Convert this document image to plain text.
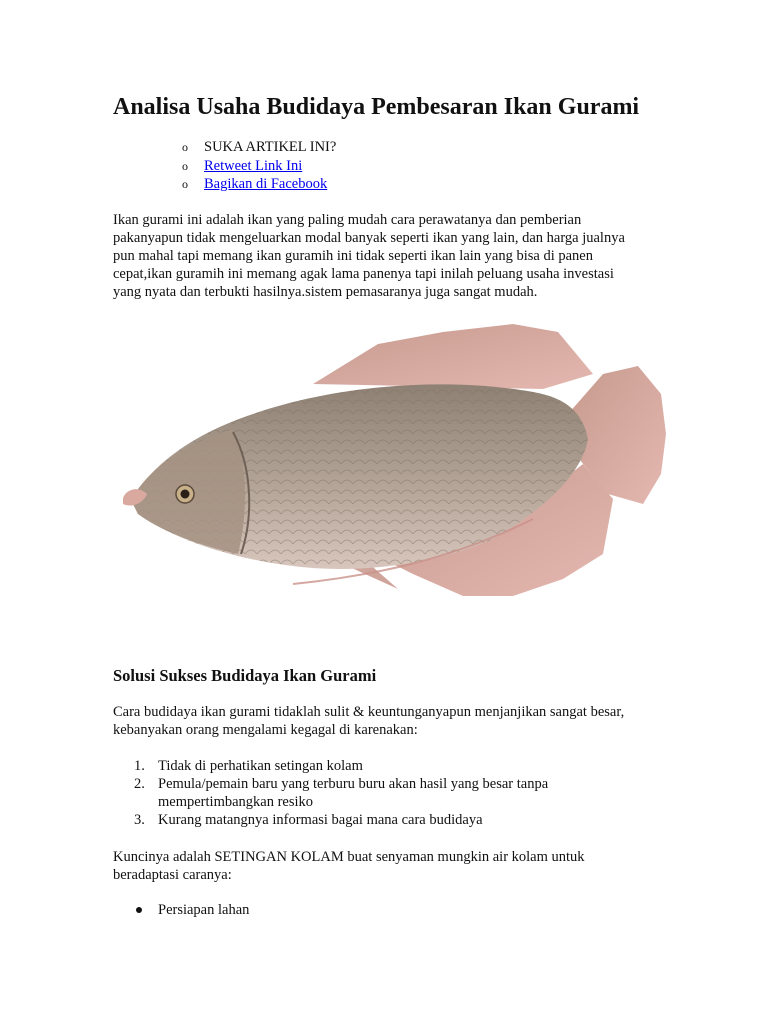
Analisa Usaha Budidaya Pembesaran Ikan Gurami
o SUKA ARTIKEL INI?
o Retweet Link Ini
o Bagikan di Facebook

Ikan gurami ini adalah ikan yang paling mudah cara perawatanya dan pemberian
pakanyapun tidak mengeluarkan modal banyak seperti ikan yang lain, dan harga jualnya
pun mahal tapi memang ikan guramih ini tidak seperti ikan lain yang bisa di panen
cepat,ikan guramih ini memang agak lama panenya tapi inilah peluang usaha investasi
yang nyata dan terbukti hasilnya.sistem pemasaranya juga sangat mudah.

Solusi Sukses Budidaya Ikan Gurami

Cara budidaya ikan gurami tidaklah sulit & keuntunganyapun menjanjikan sangat besar,
kebanyakan orang mengalami kegagal di karenakan:

1. Tidak di perhatikan setingan kolam
2. Pemula/pemain baru yang terburu buru akan hasil yang besar tanpa
mempertimbangkan resiko
3. Kurang matangnya informasi bagai mana cara budidaya

Kuncinya adalah SETINGAN KOLAM buat senyaman mungkin air kolam untuk
beradaptasi caranya:

Persiapan lahan
